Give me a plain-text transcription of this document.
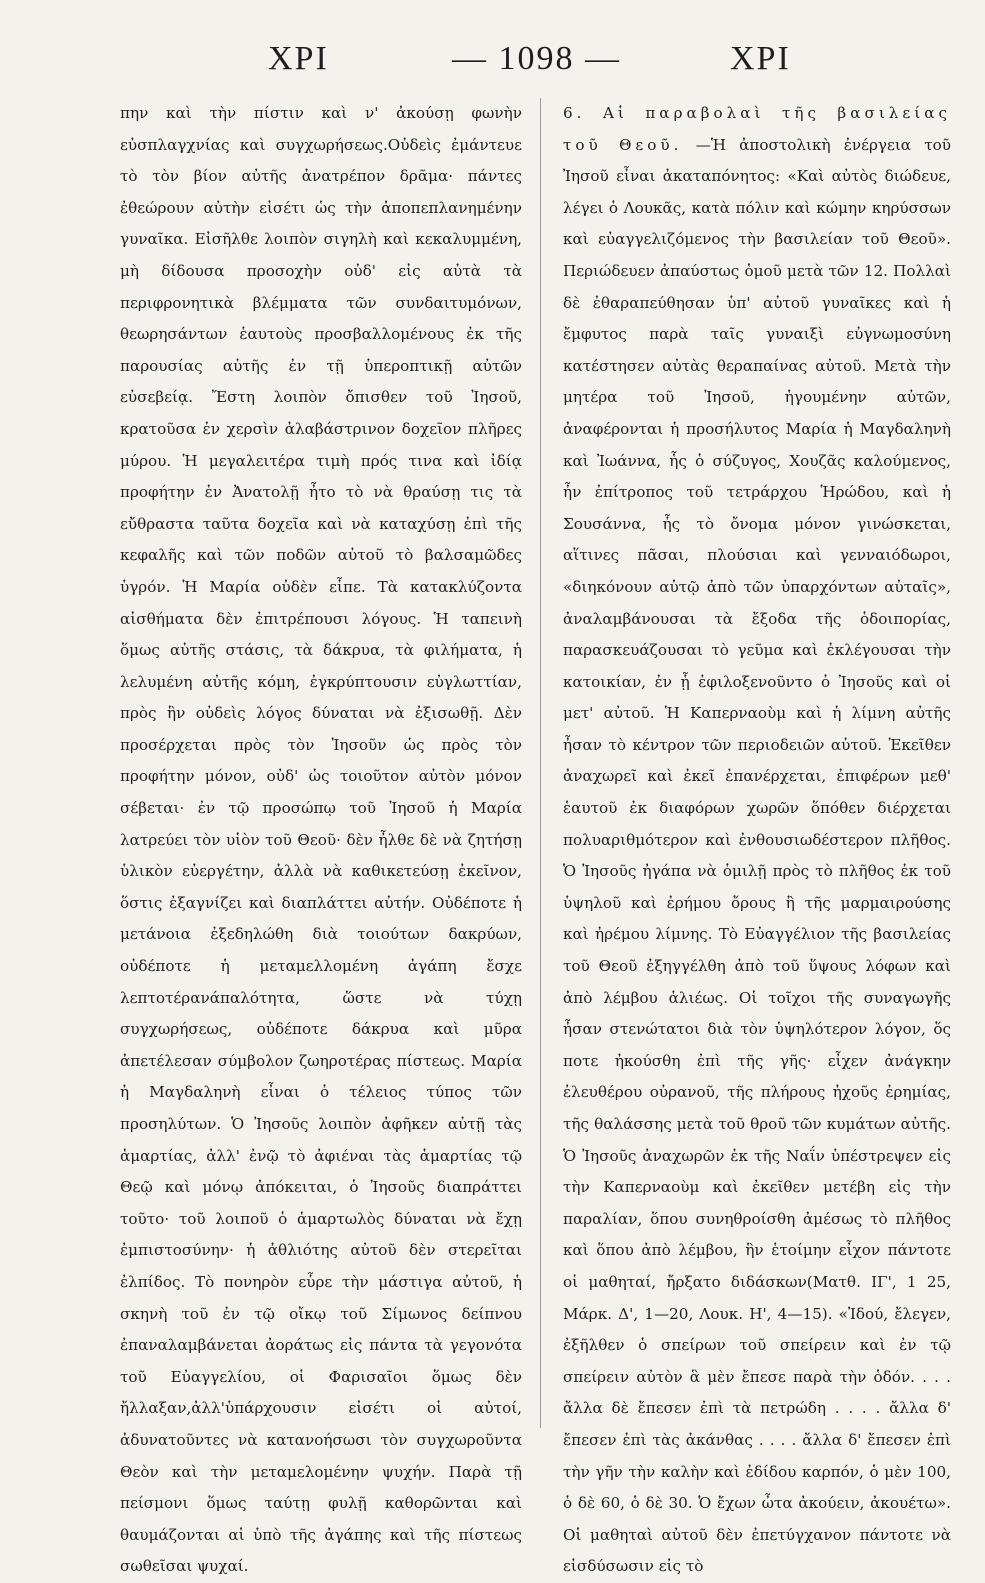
ΧΡΙ	— 1098 —	ΧΡΙ

πην καὶ τὴν πίστιν καὶ ν' ἀκούσῃ φωνὴν εὐσπλαγχνίας καὶ συγχωρήσεως.Οὐδεὶς ἐμάντευε τὸ τὸν βίον αὐτῆς ἀνατρέπον δρᾶμα· πάντες ἐθεώρουν αὐτὴν εἰσέτι ὡς τὴν ἀποπεπλανημένην γυναῖκα. Εἰσῆλθε λοιπὸν σιγηλὴ καὶ κεκαλυμμένη, μὴ δίδουσα προσοχὴν οὐδ' εἰς αὐτὰ τὰ περιφρονητικὰ βλέμματα τῶν συνδαιτυμόνων, θεωρησάντων ἑαυτοὺς προσβαλλομένους ἐκ τῆς παρουσίας αὐτῆς ἐν τῇ ὑπεροπτικῇ αὐτῶν εὐσεβείᾳ. Ἔστη λοιπὸν ὄπισθεν τοῦ Ἰησοῦ, κρατοῦσα ἐν χερσὶν ἀλαβάστρινον δοχεῖον πλῆρες μύρου. Ἡ μεγαλειτέρα τιμὴ πρός τινα καὶ ἰδίᾳ προφήτην ἐν Ἀνατολῇ ἦτο τὸ νὰ θραύσῃ τις τὰ εὔθραστα ταῦτα δοχεῖα καὶ νὰ καταχύσῃ ἐπὶ τῆς κεφαλῆς καὶ τῶν ποδῶν αὐτοῦ τὸ βαλσαμῶδες ὑγρόν. Ἡ Μαρία οὐδὲν εἶπε. Τὰ κατακλύζοντα αἰσθήματα δὲν ἐπιτρέπουσι λόγους. Ἡ ταπεινὴ ὅμως αὐτῆς στάσις, τὰ δάκρυα, τὰ φιλήματα, ἡ λελυμένη αὐτῆς κόμη, ἐγκρύπτουσιν εὐγλωττίαν, πρὸς ἣν οὐδεὶς λόγος δύναται νὰ ἐξισωθῇ. Δὲν προσέρχεται πρὸς τὸν Ἰησοῦν ὡς πρὸς τὸν προφήτην μόνον, οὐδ' ὡς τοιοῦτον αὐτὸν μόνον σέβεται· ἐν τῷ προσώπῳ τοῦ Ἰησοῦ ἡ Μαρία λατρεύει τὸν υἱὸν τοῦ Θεοῦ· δὲν ἦλθε δὲ νὰ ζητήσῃ ὑλικὸν εὐεργέτην, ἀλλὰ νὰ καθικετεύσῃ ἐκεῖνον, ὅστις ἐξαγνίζει καὶ διαπλάττει αὐτήν. Οὐδέποτε ἡ μετάνοια ἐξεδηλώθη διὰ τοιούτων δακρύων, οὐδέποτε ἡ μεταμελλομένη ἀγάπη ἔσχε λεπτοτέρανάπαλότητα, ὥστε νὰ τύχῃ συγχωρήσεως, οὐδέποτε δάκρυα καὶ μῦρα ἀπετέλεσαν σύμβολον ζωηροτέρας πίστεως. Μαρία ἡ Μαγδαληνὴ εἶναι ὁ τέλειος τύπος τῶν προσηλύτων. Ὁ Ἰησοῦς λοιπὸν ἀφῆκεν αὐτῇ τὰς ἁμαρτίας, ἀλλ' ἐνῷ τὸ ἀφιέναι τὰς ἁμαρτίας τῷ Θεῷ καὶ μόνῳ ἀπόκειται, ὁ Ἰησοῦς διαπράττει τοῦτο· τοῦ λοιποῦ ὁ ἁμαρτωλὸς δύναται νὰ ἔχῃ ἐμπιστοσύνην· ἡ ἀθλιότης αὐτοῦ δὲν στερεῖται ἐλπίδος. Τὸ πονηρὸν εὗρε τὴν μάστιγα αὐτοῦ, ἡ σκηνὴ τοῦ ἐν τῷ οἴκῳ τοῦ Σίμωνος δείπνου ἐπαναλαμβάνεται ἀοράτως εἰς πάντα τὰ γεγονότα τοῦ Εὐαγγελίου, οἱ Φαρισαῖοι ὅμως δὲν ἤλλαξαν,ἀλλ'ὑπάρχουσιν εἰσέτι οἱ αὐτοί, ἀδυνατοῦντες νὰ κατανοήσωσι τὸν συγχωροῦντα Θεὸν καὶ τὴν μεταμελομένην ψυχήν. Παρὰ τῇ πείσμονι ὅμως ταύτῃ φυλῇ καθορῶνται καὶ θαυμάζονται αἱ ὑπὸ τῆς ἀγάπης καὶ τῆς πίστεως σωθεῖσαι ψυχαί.

6. Αἱ παραβολαὶ τῆς βασιλείας τοῦ Θεοῦ. —Ἡ ἀποστολικὴ ἐνέργεια τοῦ Ἰησοῦ εἶναι ἀκαταπόνητος: «Καὶ αὐτὸς διώδευε, λέγει ὁ Λουκᾶς, κατὰ πόλιν καὶ κώμην κηρύσσων καὶ εὐαγγελιζόμενος τὴν βασιλείαν τοῦ Θεοῦ». Περιώδευεν ἀπαύστως ὁμοῦ μετὰ τῶν 12. Πολλαὶ δὲ ἐθαραπεύθησαν ὑπ' αὐτοῦ γυναῖκες καὶ ἡ ἔμφυτος παρὰ ταῖς γυναιξὶ εὐγνωμοσύνη κατέστησεν αὐτὰς θεραπαίνας αὐτοῦ. Μετὰ τὴν μητέρα τοῦ Ἰησοῦ, ἡγουμένην αὐτῶν, ἀναφέρονται ἡ προσήλυτος Μαρία ἡ Μαγδαληνὴ καὶ Ἰωάννα, ἧς ὁ σύζυγος, Χουζᾶς καλούμενος, ἦν ἐπίτροπος τοῦ τετράρχου Ἡρώδου, καὶ ἡ Σουσάννα, ἧς τὸ ὄνομα μόνον γινώσκεται, αἵτινες πᾶσαι, πλούσιαι καὶ γενναιόδωροι, «διηκόνουν αὐτῷ ἀπὸ τῶν ὑπαρχόντων αὐταῖς», ἀναλαμβάνουσαι τὰ ἔξοδα τῆς ὁδοιπορίας, παρασκευάζουσαι τὸ γεῦμα καὶ ἐκλέγουσαι τὴν κατοικίαν, ἐν ᾗ ἐφιλοξενοῦντο ὁ Ἰησοῦς καὶ οἱ μετ' αὐτοῦ. Ἡ Καπερναοὺμ καὶ ἡ λίμνη αὐτῆς ἦσαν τὸ κέντρον τῶν περιοδειῶν αὐτοῦ. Ἐκεῖθεν ἀναχωρεῖ καὶ ἐκεῖ ἐπανέρχεται, ἐπιφέρων μεθ' ἑαυτοῦ ἐκ διαφόρων χωρῶν ὅπόθεν διέρχεται πολυαριθμότερον καὶ ἐνθουσιωδέστερον πλῆθος. Ὁ Ἰησοῦς ἠγάπα νὰ ὁμιλῇ πρὸς τὸ πλῆθος ἐκ τοῦ ὑψηλοῦ καὶ ἐρήμου ὄρους ἢ τῆς μαρμαιρούσης καὶ ἠρέμου λίμνης. Τὸ Εὐαγγέλιον τῆς βασιλείας τοῦ Θεοῦ ἐξηγγέλθη ἀπὸ τοῦ ὕψους λόφων καὶ ἀπὸ λέμβου ἁλιέως. Οἱ τοῖχοι τῆς συναγωγῆς ἦσαν στενώτατοι διὰ τὸν ὑψηλότερον λόγον, ὅς ποτε ἠκούσθη ἐπὶ τῆς γῆς· εἶχεν ἀνάγκην ἐλευθέρου οὐρανοῦ, τῆς πλήρους ἠχοῦς ἐρημίας, τῆς θαλάσσης μετὰ τοῦ θρoῦ τῶν κυμάτων αὐτῆς. Ὁ Ἰησοῦς ἀναχωρῶν ἐκ τῆς Ναΐν ὑπέστρεψεν εἰς τὴν Καπερναοὺμ καὶ ἐκεῖθεν μετέβη εἰς τὴν παραλίαν, ὅπου συνηθροίσθη ἀμέσως τὸ πλῆθος καὶ ὅπου ἀπὸ λέμβου, ἣν ἑτοίμην εἶχον πάντοτε οἱ μαθηταί, ἤρξατο διδάσκων(Ματθ. ΙΓ', 1 25, Μάρκ. Δ', 1—20, Λουκ. Η', 4—15). «Ἰδού, ἔλεγεν, ἐξῆλθεν ὁ σπείρων τοῦ σπείρειν καὶ ἐν τῷ σπείρειν αὐτὸν ἃ μὲν ἔπεσε παρὰ τὴν ὁδόν. . . . ἄλλα δὲ ἔπεσεν ἐπὶ τὰ πετρώδη . . . . ἄλλα δ' ἔπεσεν ἐπὶ τὰς ἀκάνθας . . . . ἄλλα δ' ἔπεσεν ἐπὶ τὴν γῆν τὴν καλὴν καὶ ἐδίδου καρπόν, ὁ μὲν 100, ὁ δὲ 60, ὁ δὲ 30. Ὁ ἔχων ὦτα ἀκούειν, ἀκουέτω». Οἱ μαθηταὶ αὐτοῦ δὲν ἐπετύγχανον πάντοτε νὰ εἰσδύσωσιν εἰς τὸ
